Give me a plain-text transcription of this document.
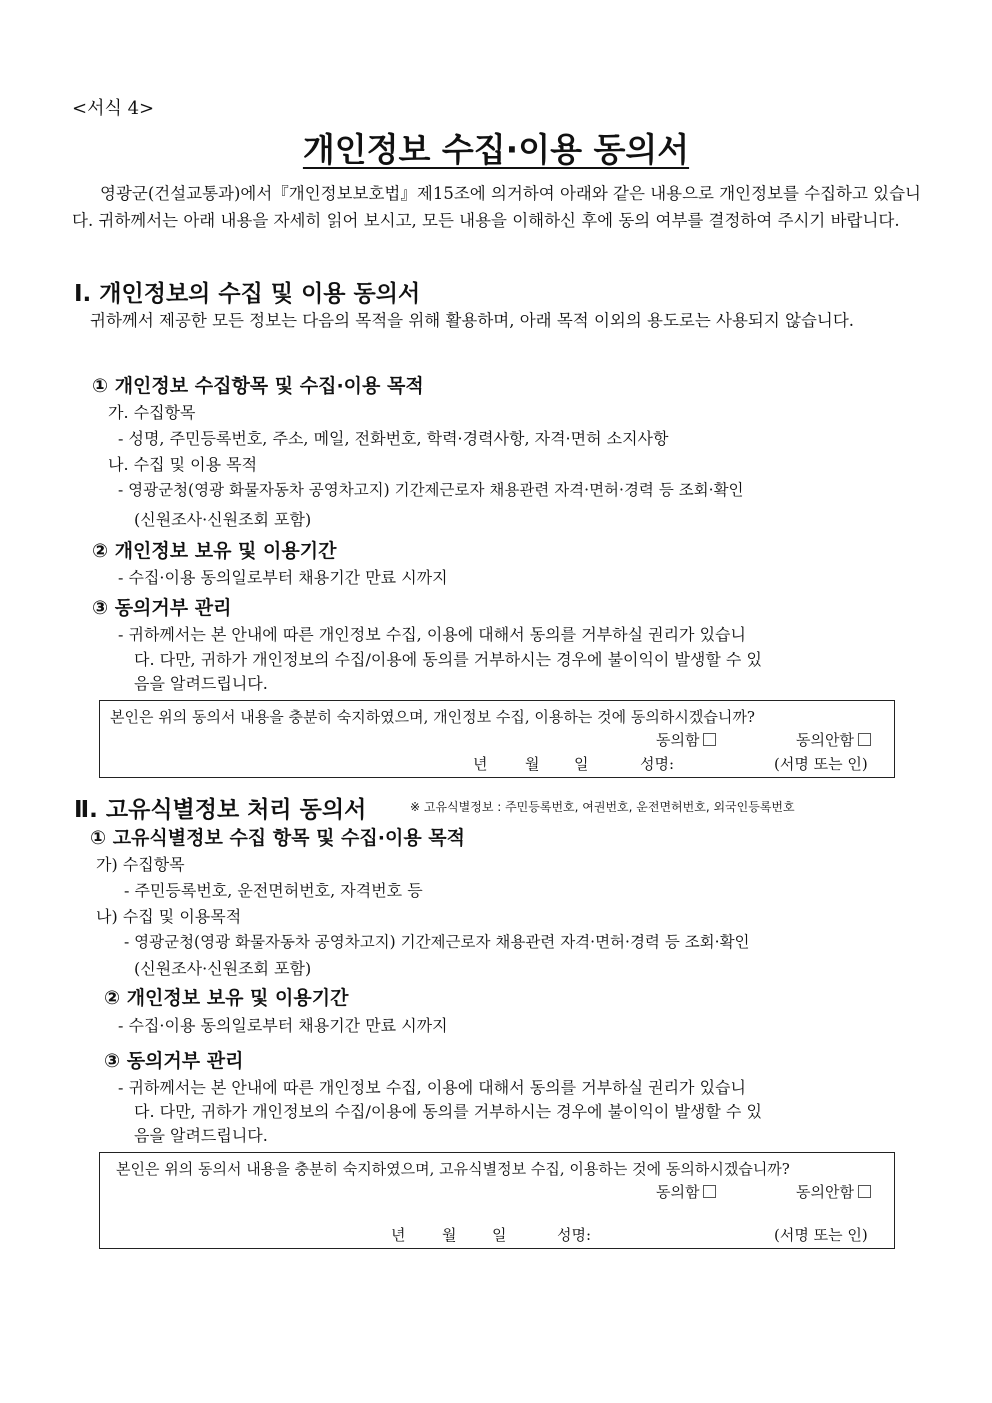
<서식 4>
개인정보 수집·이용 동의서
영광군(건설교통과)에서『개인정보보호법』제15조에 의거하여 아래와 같은 내용으로 개인정보를 수집하고 있습니다. 귀하께서는 아래 내용을 자세히 읽어 보시고, 모든 내용을 이해하신 후에 동의 여부를 결정하여 주시기 바랍니다.
Ⅰ. 개인정보의 수집 및 이용 동의서
귀하께서 제공한 모든 정보는 다음의 목적을 위해 활용하며, 아래 목적 이외의 용도로는 사용되지 않습니다.
① 개인정보 수집항목 및 수집·이용 목적
가. 수집항목
- 성명, 주민등록번호, 주소, 메일, 전화번호, 학력·경력사항, 자격·면허 소지사항
나. 수집 및 이용 목적
- 영광군청(영광 화물자동차 공영차고지) 기간제근로자 채용관련 자격·면허·경력 등 조회·확인
(신원조사·신원조회 포함)
② 개인정보 보유 및 이용기간
- 수집·이용 동의일로부터 채용기간 만료 시까지
③ 동의거부 관리
- 귀하께서는 본 안내에 따른 개인정보 수집, 이용에 대해서 동의를 거부하실 권리가 있습니
다. 다만, 귀하가 개인정보의 수집/이용에 동의를 거부하시는 경우에 불이익이 발생할 수 있
음을 알려드립니다.
본인은 위의 동의서 내용을 충분히 숙지하였으며, 개인정보 수집, 이용하는 것에 동의하시겠습니까?
동의함	동의안함
년	월 일	성명:	(서명 또는 인)
Ⅱ. 고유식별정보 처리 동의서	※ 고유식별정보 : 주민등록번호, 여권번호, 운전면허번호, 외국인등록번호
① 고유식별정보 수집 항목 및 수집·이용 목적
가) 수집항목
- 주민등록번호, 운전면허번호, 자격번호 등
나) 수집 및 이용목적
- 영광군청(영광 화물자동차 공영차고지) 기간제근로자 채용관련 자격·면허·경력 등 조회·확인
(신원조사·신원조회 포함)
② 개인정보 보유 및 이용기간
- 수집·이용 동의일로부터 채용기간 만료 시까지
③ 동의거부 관리
- 귀하께서는 본 안내에 따른 개인정보 수집, 이용에 대해서 동의를 거부하실 권리가 있습니
다. 다만, 귀하가 개인정보의 수집/이용에 동의를 거부하시는 경우에 불이익이 발생할 수 있
음을 알려드립니다.
본인은 위의 동의서 내용을 충분히 숙지하였으며, 고유식별정보 수집, 이용하는 것에 동의하시겠습니까?
동의함	동의안함
년 월 일	성명:	(서명 또는 인)
